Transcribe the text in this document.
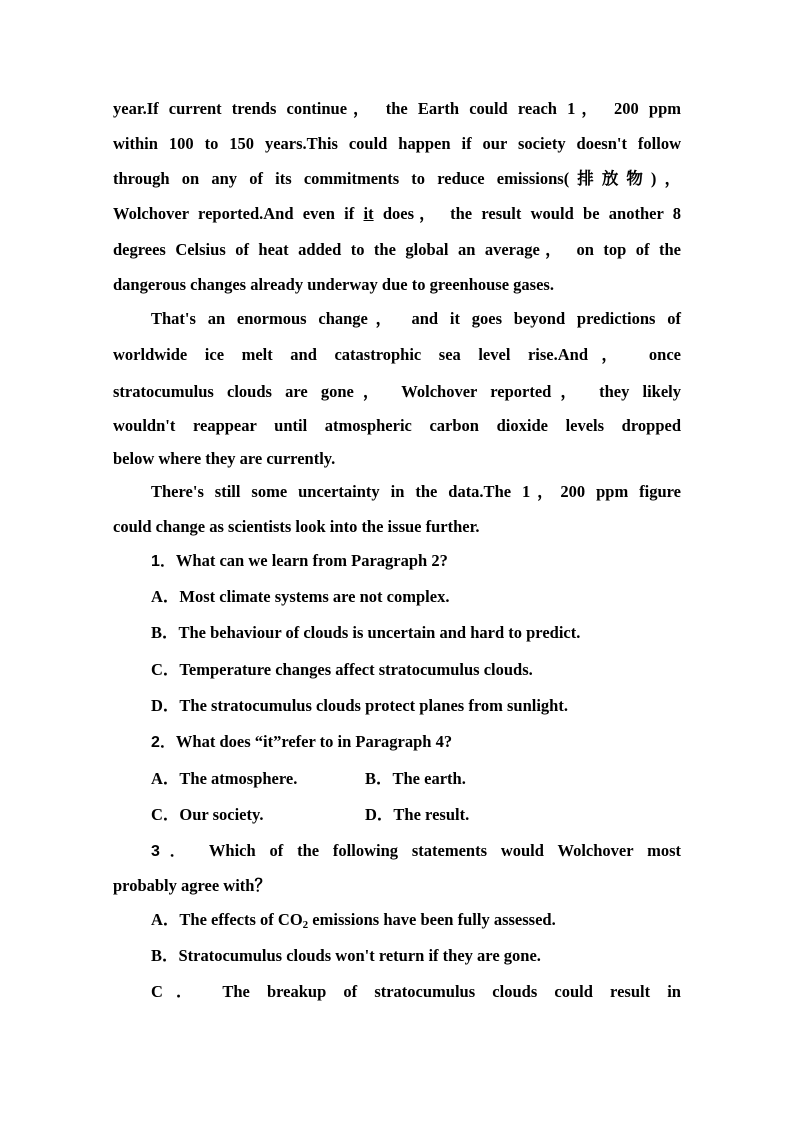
year.If current trends continue， the Earth could reach 1， 200 ppm
within 100 to 150 years.This could happen if our society doesn't follow
through on any of its commitments to reduce emissions(排放物)，
Wolchover reported.And even if it does， the result would be another 8
degrees Celsius of heat added to the global an average， on top of the
dangerous changes already underway due to greenhouse gases.
That's an enormous change， and it goes beyond predictions of
worldwide ice melt and catastrophic sea level rise.And， once
stratocumulus clouds are gone， Wolchover reported， they likely
wouldn't reappear until atmospheric carbon dioxide levels dropped
below where they are currently.
There's still some uncertainty in the data.The 1，200 ppm figure
could change as scientists look into the issue further.
1．What can we learn from Paragraph 2?
A．Most climate systems are not complex.
B．The behaviour of clouds is uncertain and hard to predict.
C．Temperature changes affect stratocumulus clouds.
D．The stratocumulus clouds protect planes from sunlight.
2．What does “it”refer to in Paragraph 4?
A．The atmosphere.	B．The earth.
C．Our society.	D．The result.
3． Which of the following statements would Wolchover most
probably agree with？
A．The effects of $CO_2$ emissions have been fully assessed.
B．Stratocumulus clouds won't return if they are gone.
C． The breakup of stratocumulus clouds could result in
